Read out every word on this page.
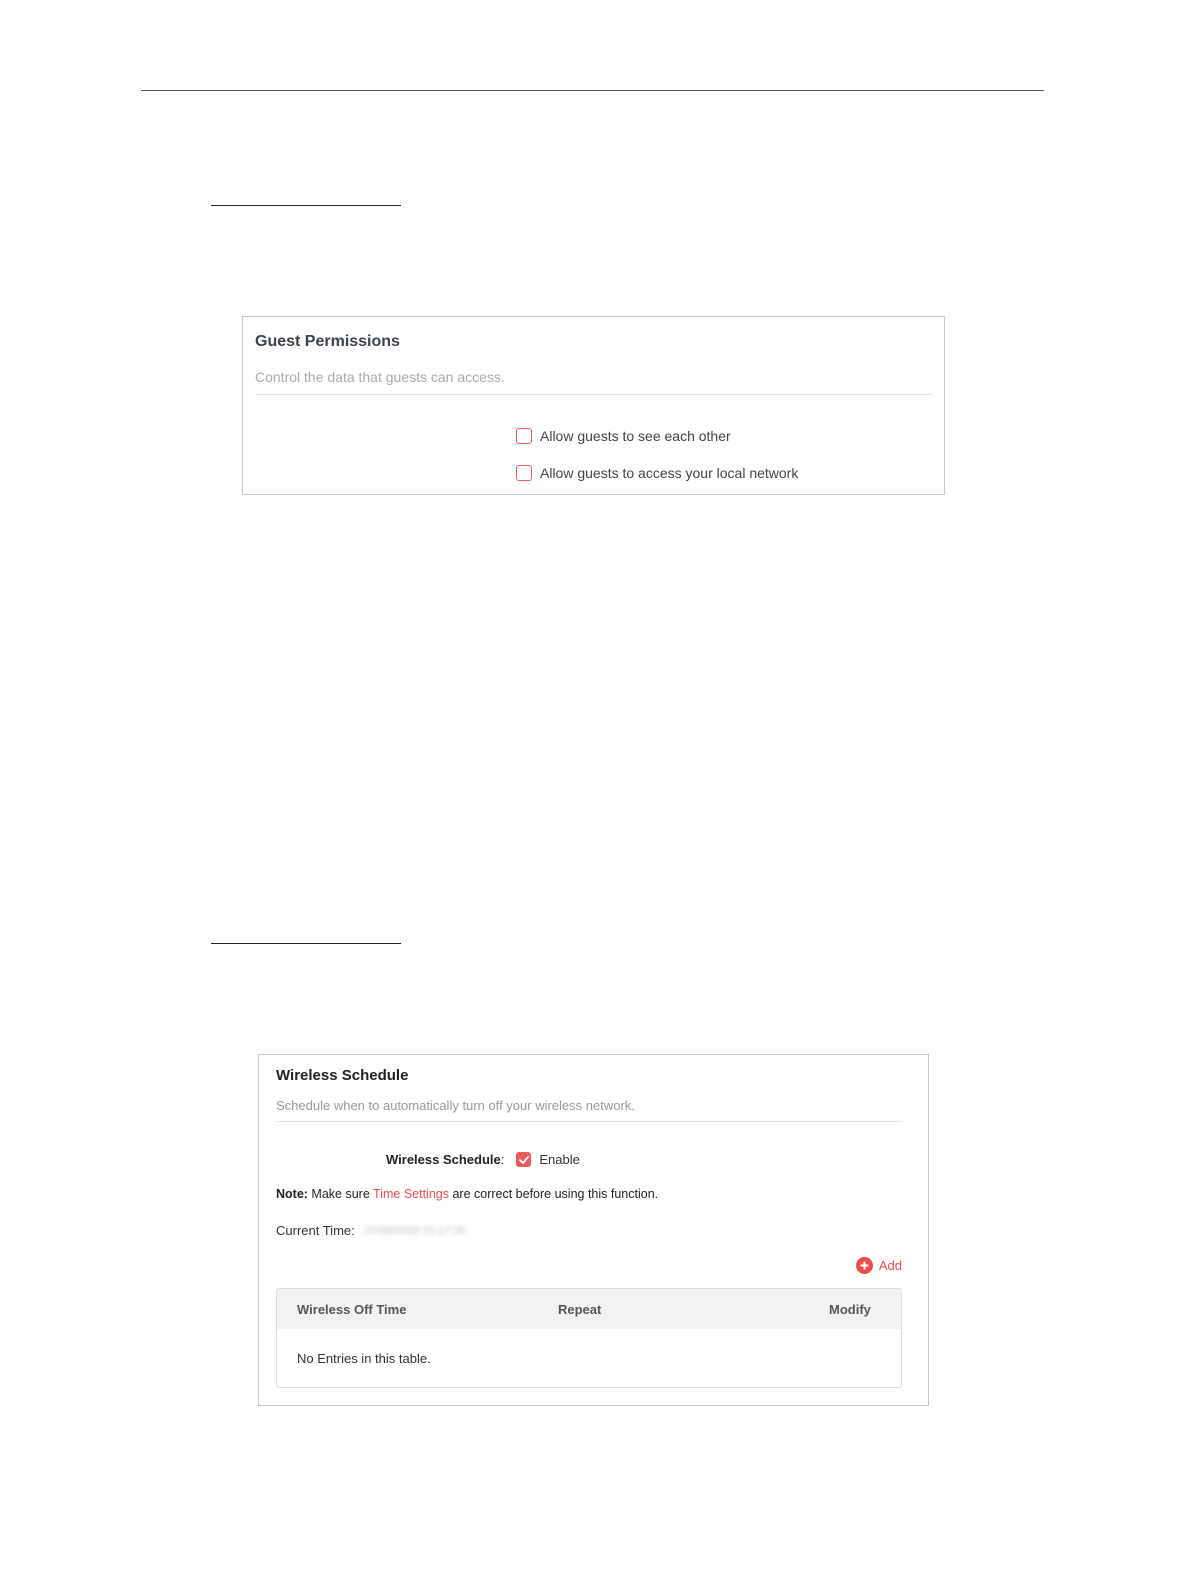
Guest Permissions
Control the data that guests can access.
Allow guests to see each other
Allow guests to access your local network
Wireless Schedule
Schedule when to automatically turn off your wireless network.
Wireless Schedule :	Enable
Note: Make sure Time Settings are correct before using this function.
Current Time: 07/09/2020 21:17:20
Add
Wireless Off Time	Repeat	Modify
No Entries in this table.
